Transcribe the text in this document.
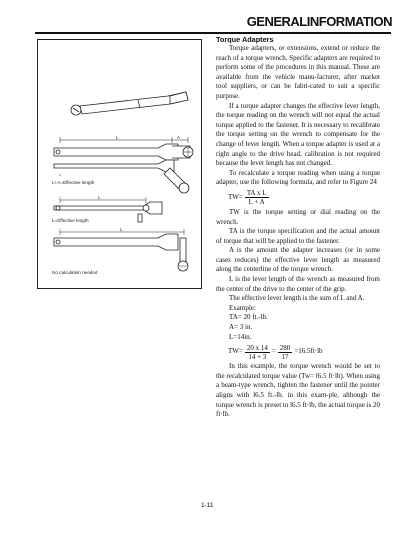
GENERALINFORMATION
L	A
L+A=Effective length
L
L=Effective length
L
No calculation needed
Torque Adapters

Torque adapters, or extensions, extend or reduce the reach of a torque wrench. Specific adapters are required to perform some of the procedures in this manual. These are available from the vehicle manu-facturer, after market tool suppliers, or can be fabri-cated to suit a specific purpose.

If a torque adapter changes the effective lever length, the torque reading on the wrench will not equal the actual torque applied to the fastener. It is necessary to recalibrate the torque setting on the wrench to compensate for the change of lever length. When a torque adapter is used at a right angle to the drive head, calibration is not required because the lever length has not changed.

To recalculate a torque reading when using a torque adapter, use the following formula, and refer to Figure 24

$TW= \frac{\text{TA x L}}{L + A}$

TW is the torque setting or dial reading on the wrench.

TA is the torque specification and the actual amount of torque that will be applied to the fastener.

A is the amount the adapter increases (or in some cases reduces) the effective lever length as measured along the centerline of the torque wrench.

L is the lever length of the wrench as measured from the center of the drive to the center of the grip.

The effective lever length is the sum of L and A.

Example:
TA= 20 ft.-lb.
A= 3 in.
L=14in.
$TW= \frac{20 x 14}{14 + 3} = \frac{280}{17} =16.5ft\cdot lb$

In this example, the torque wrench would be set to the recalculated torque value (Tw= l6.5 ft·lb). When using a beam-type wrench, tighten the fastener until the pointer aligns with l6.5 ft.-lb. in this exam-ple, although the torque wrench is preset to l6.5 ft·lb, the actual torque is 20 ft·lb.

1-11
